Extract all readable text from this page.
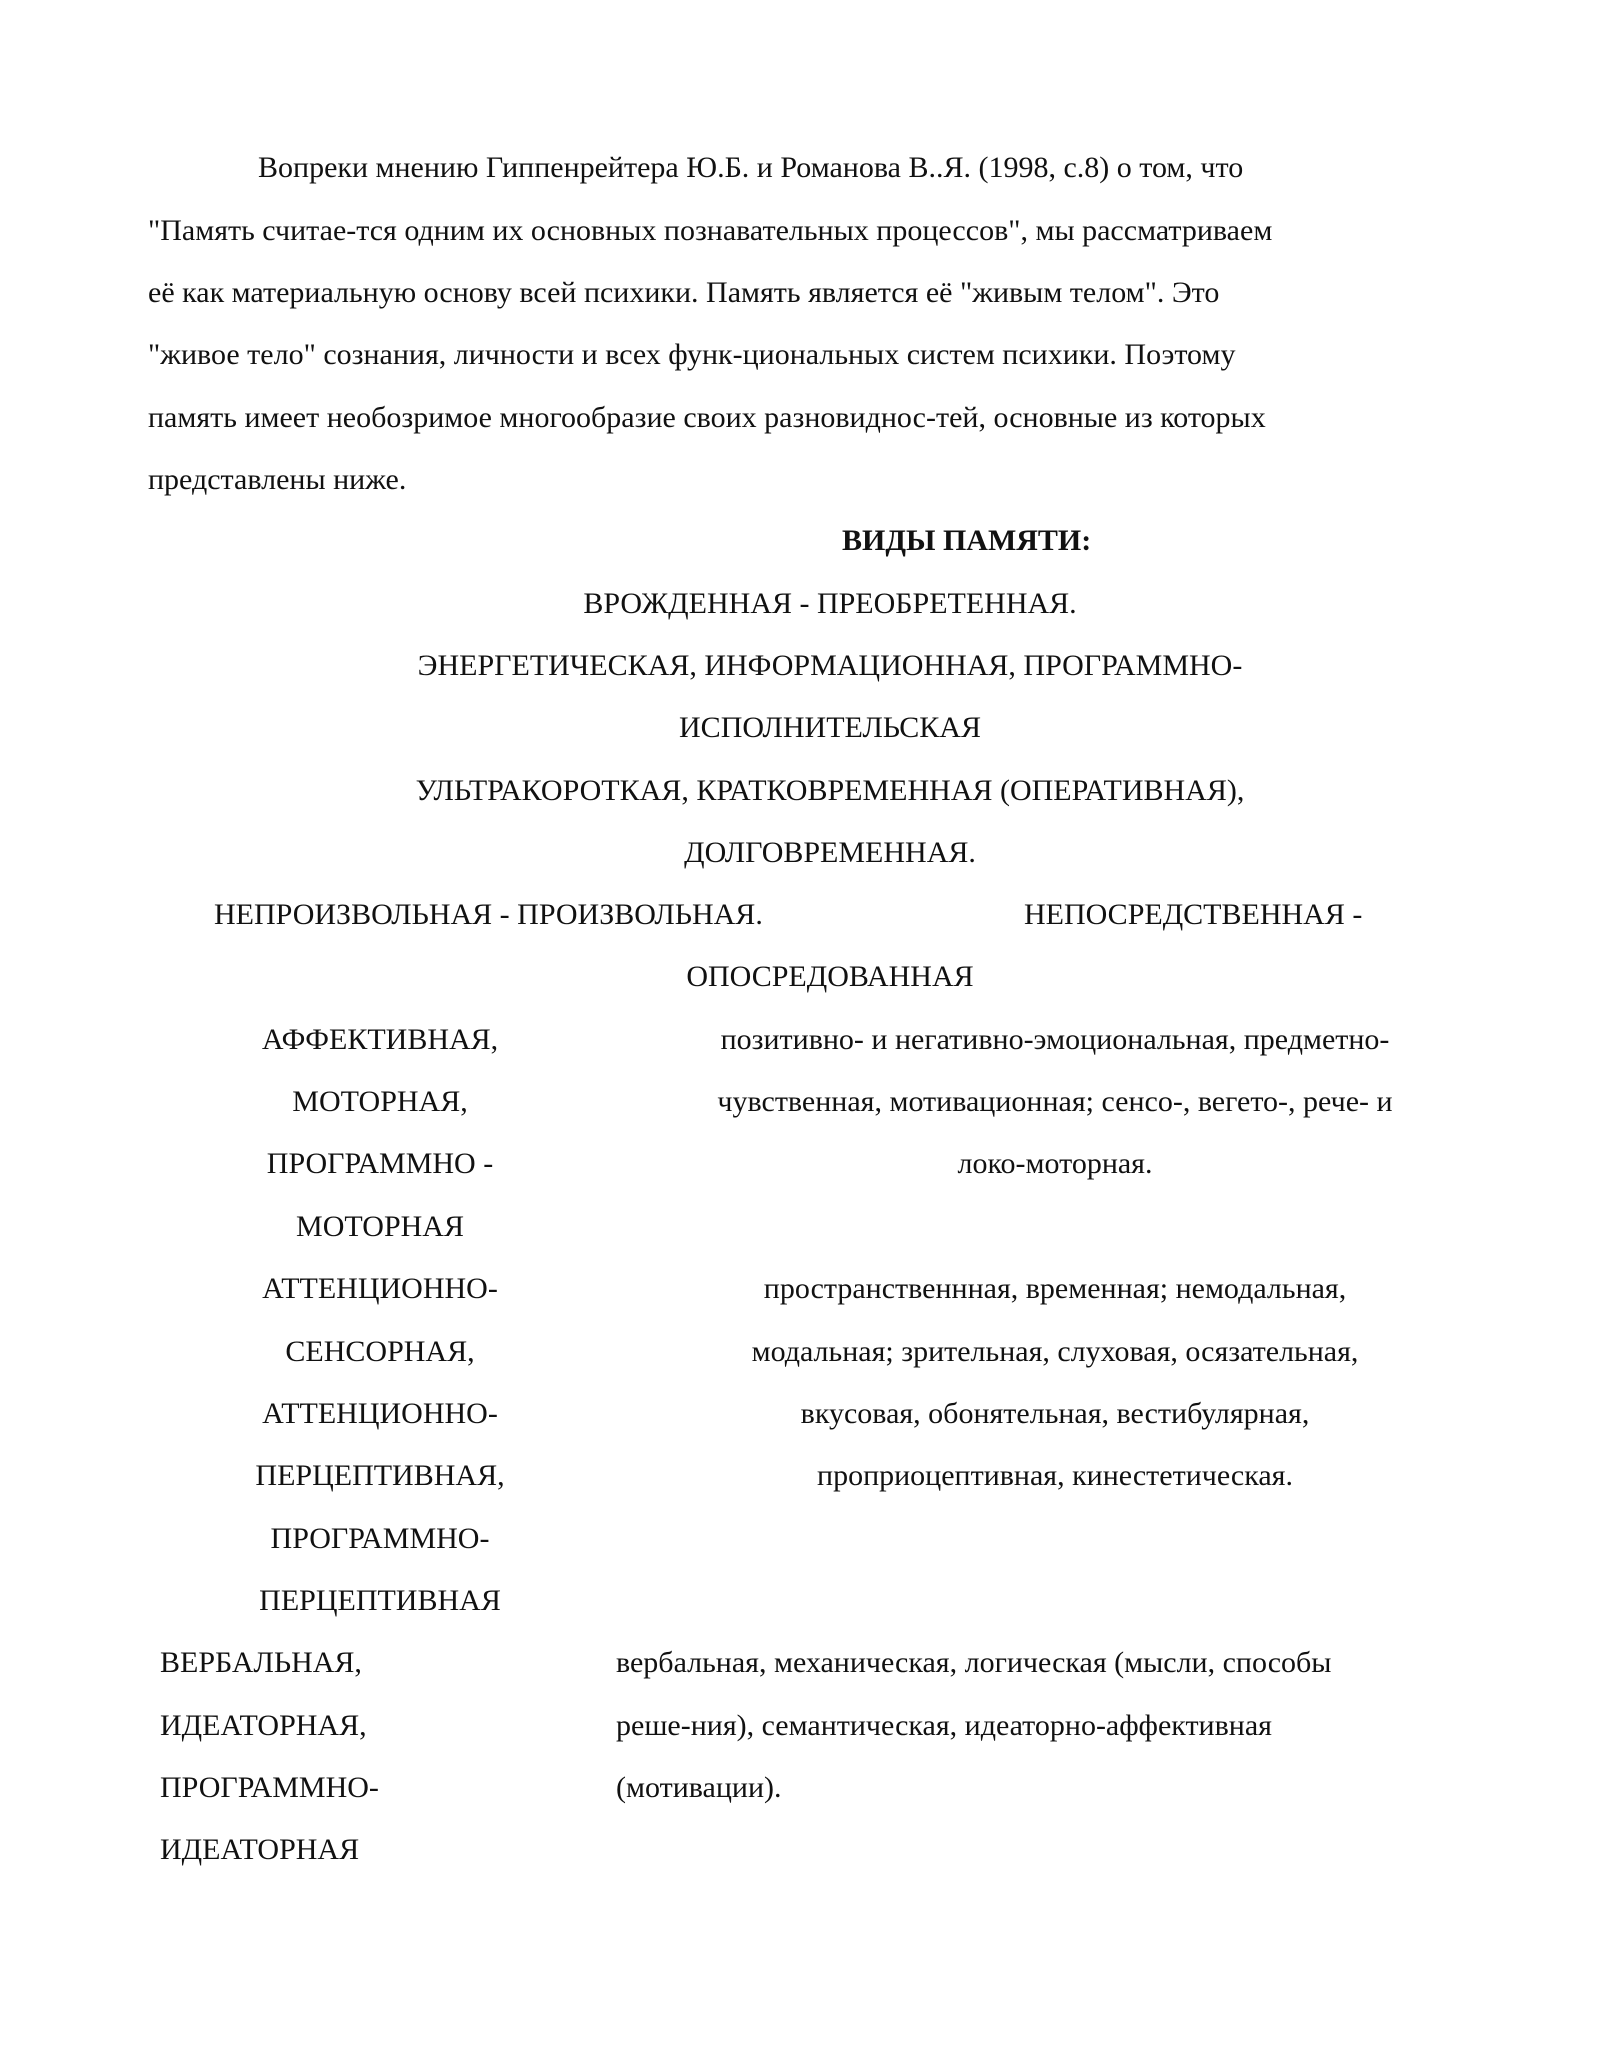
Вопреки мнению Гиппенрейтера Ю.Б. и Романова В..Я. (1998, с.8) о том, что
"Память считае-тся одним их основных познавательных процессов", мы рассматриваем
её как материальную основу всей психики. Память является её "живым телом". Это
"живое тело" сознания, личности и всех функ-циональных систем психики. Поэтому
память имеет необозримое многообразие своих разновиднос-тей, основные из которых
представлены ниже.
ВИДЫ ПАМЯТИ:
ВРОЖДЕННАЯ - ПРЕОБРЕТЕННАЯ.
ЭНЕРГЕТИЧЕСКАЯ, ИНФОРМАЦИОННАЯ, ПРОГРАММНО-
ИСПОЛНИТЕЛЬСКАЯ
УЛЬТРАКОРОТКАЯ, КРАТКОВРЕМЕННАЯ (ОПЕРАТИВНАЯ),
ДОЛГОВРЕМЕННАЯ.
НЕПРОИЗВОЛЬНАЯ - ПРОИЗВОЛЬНАЯ.	НЕПОСРЕДСТВЕННАЯ -
ОПОСРЕДОВАННАЯ
АФФЕКТИВНАЯ,
МОТОРНАЯ,
ПРОГРАММНО -
МОТОРНАЯ
позитивно- и негативно-эмоциональная, предметно-
чувственная, мотивационная; сенсо-, вегето-, рече- и
локо-моторная.
АТТЕНЦИОННО-
СЕНСОРНАЯ,
АТТЕНЦИОННО-
ПЕРЦЕПТИВНАЯ,
ПРОГРАММНО-
ПЕРЦЕПТИВНАЯ
пространственнная, временная; немодальная,
модальная; зрительная, слуховая, осязательная,
вкусовая, обонятельная, вестибулярная,
проприоцептивная, кинестетическая.
ВЕРБАЛЬНАЯ,
ИДЕАТОРНАЯ,
ПРОГРАММНО-
ИДЕАТОРНАЯ
вербальная, механическая, логическая (мысли, способы
реше-ния), семантическая, идеаторно-аффективная
(мотивации).
